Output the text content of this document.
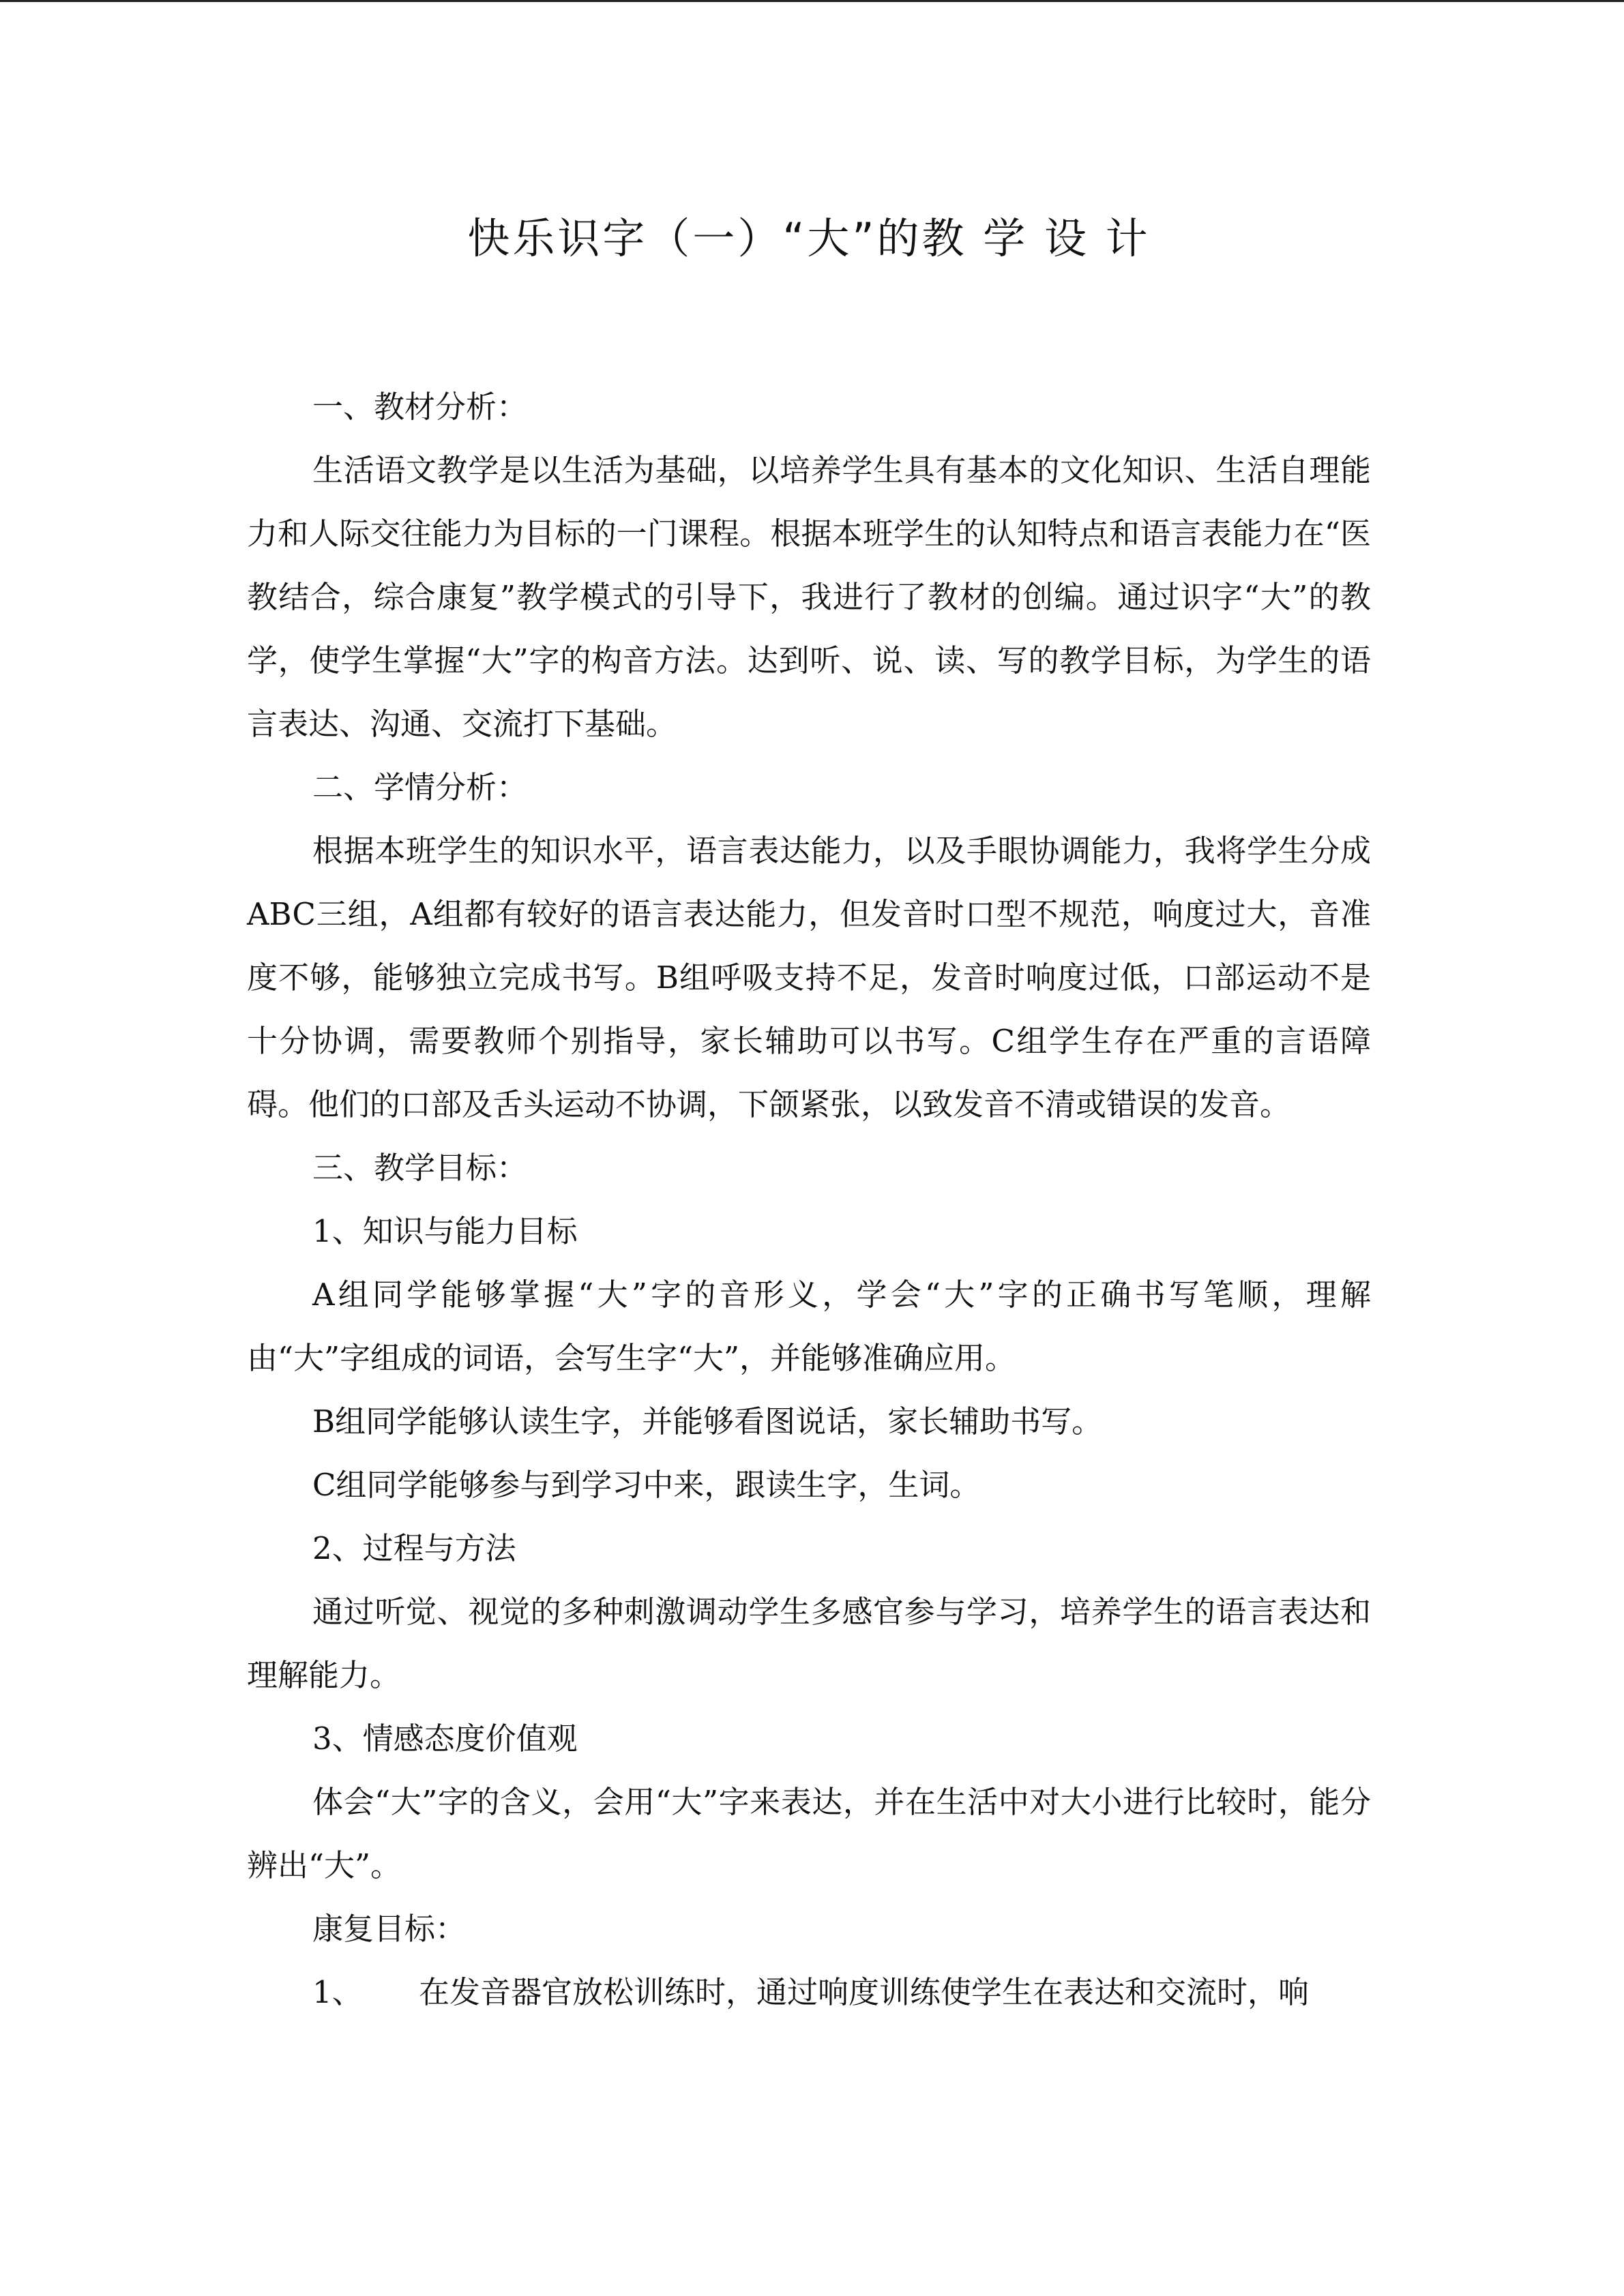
快乐识字（一）“大”的教 学 设 计

一、教材分析：

生活语文教学是以生活为基础，以培养学生具有基本的文化知识、生活自理能力和人际交往能力为目标的一门课程。根据本班学生的认知特点和语言表能力在“医教结合，综合康复”教学模式的引导下，我进行了教材的创编。通过识字“大”的教学，使学生掌握“大”字的构音方法。达到听、说、读、写的教学目标，为学生的语言表达、沟通、交流打下基础。

二、学情分析：

根据本班学生的知识水平，语言表达能力，以及手眼协调能力，我将学生分成ABC三组，A组都有较好的语言表达能力，但发音时口型不规范，响度过大，音准度不够，能够独立完成书写。B组呼吸支持不足，发音时响度过低，口部运动不是十分协调，需要教师个别指导，家长辅助可以书写。C组学生存在严重的言语障碍。他们的口部及舌头运动不协调，下颌紧张，以致发音不清或错误的发音。

三、教学目标：

1、知识与能力目标

A组同学能够掌握“大”字的音形义，学会“大”字的正确书写笔顺，理解由“大”字组成的词语，会写生字“大”，并能够准确应用。

B组同学能够认读生字，并能够看图说话，家长辅助书写。

C组同学能够参与到学习中来，跟读生字，生词。

2、过程与方法

通过听觉、视觉的多种刺激调动学生多感官参与学习，培养学生的语言表达和理解能力。

3、情感态度价值观

体会“大”字的含义，会用“大”字来表达，并在生活中对大小进行比较时，能分辨出“大”。

康复目标：

1、 在发音器官放松训练时，通过响度训练使学生在表达和交流时，响
